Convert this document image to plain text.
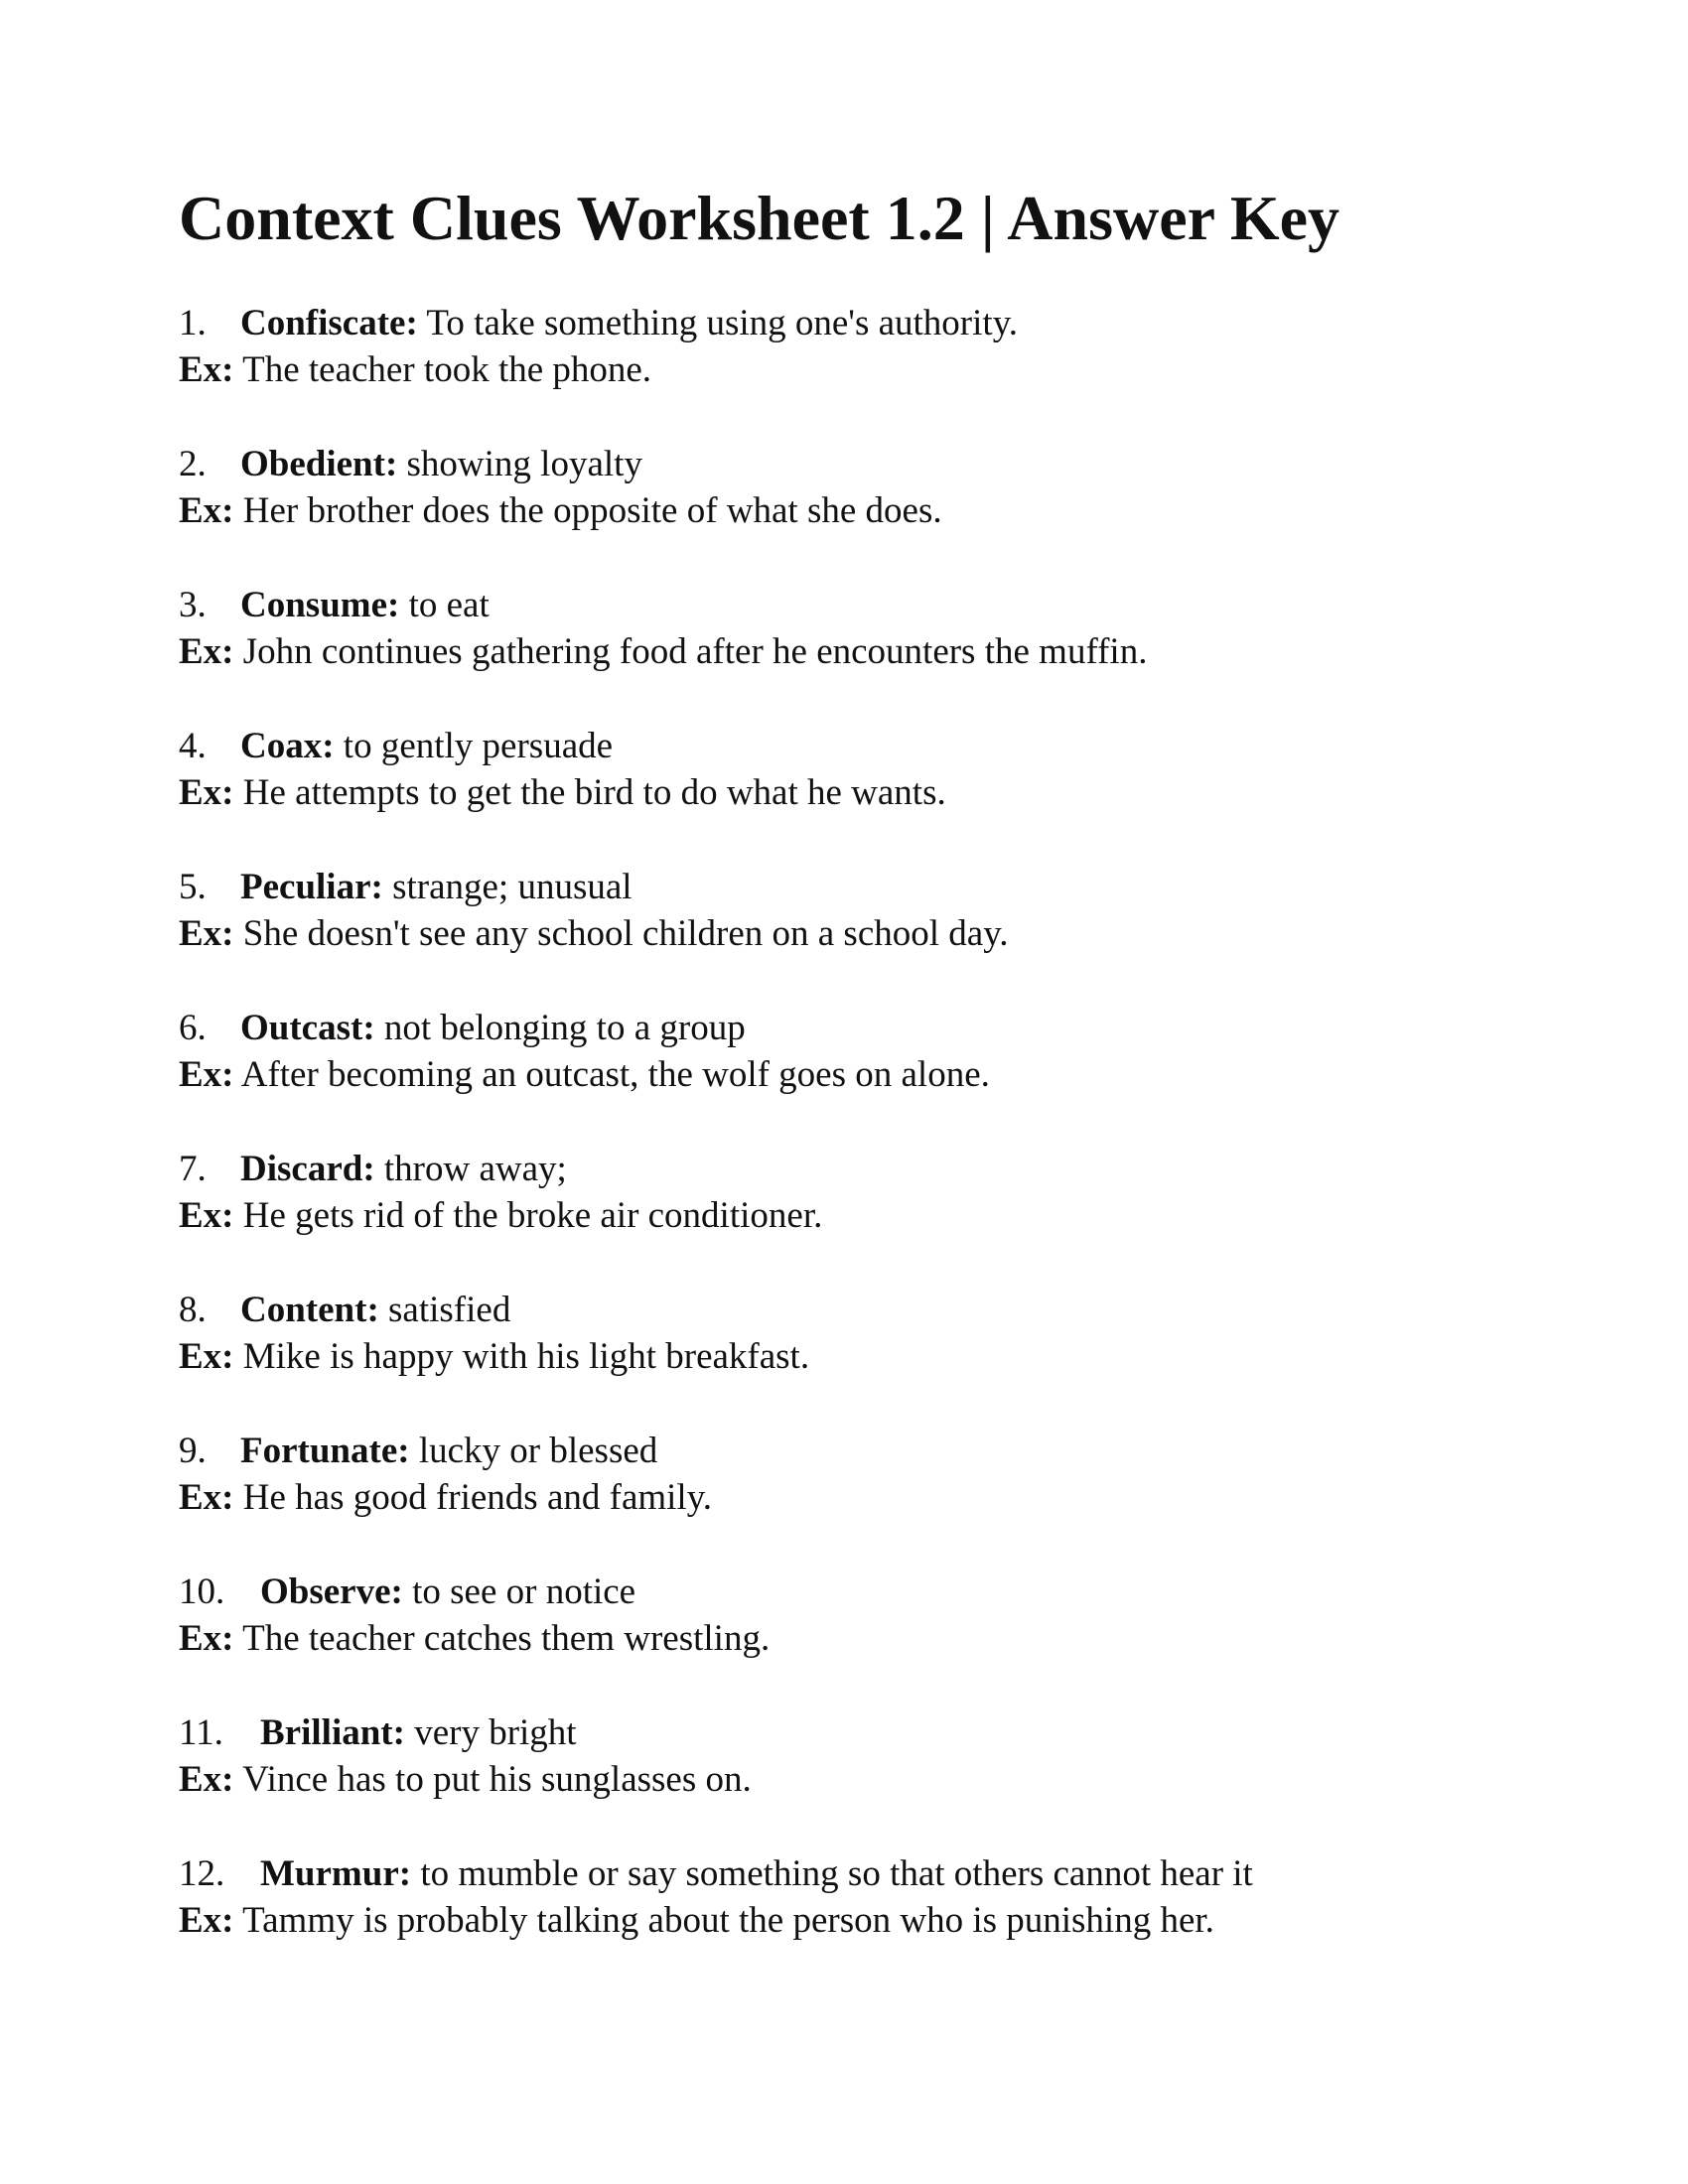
Context Clues Worksheet 1.2 | Answer Key
1. Confiscate: To take something using one's authority.
Ex: The teacher took the phone.
2. Obedient: showing loyalty
Ex: Her brother does the opposite of what she does.
3. Consume: to eat
Ex: John continues gathering food after he encounters the muffin.
4. Coax: to gently persuade
Ex: He attempts to get the bird to do what he wants.
5. Peculiar: strange; unusual
Ex: She doesn't see any school children on a school day.
6. Outcast: not belonging to a group
Ex: After becoming an outcast, the wolf goes on alone.
7. Discard: throw away;
Ex: He gets rid of the broke air conditioner.
8. Content: satisfied
Ex: Mike is happy with his light breakfast.
9. Fortunate: lucky or blessed
Ex: He has good friends and family.
10. Observe: to see or notice
Ex: The teacher catches them wrestling.
11. Brilliant: very bright
Ex: Vince has to put his sunglasses on.
12. Murmur: to mumble or say something so that others cannot hear it
Ex: Tammy is probably talking about the person who is punishing her.
